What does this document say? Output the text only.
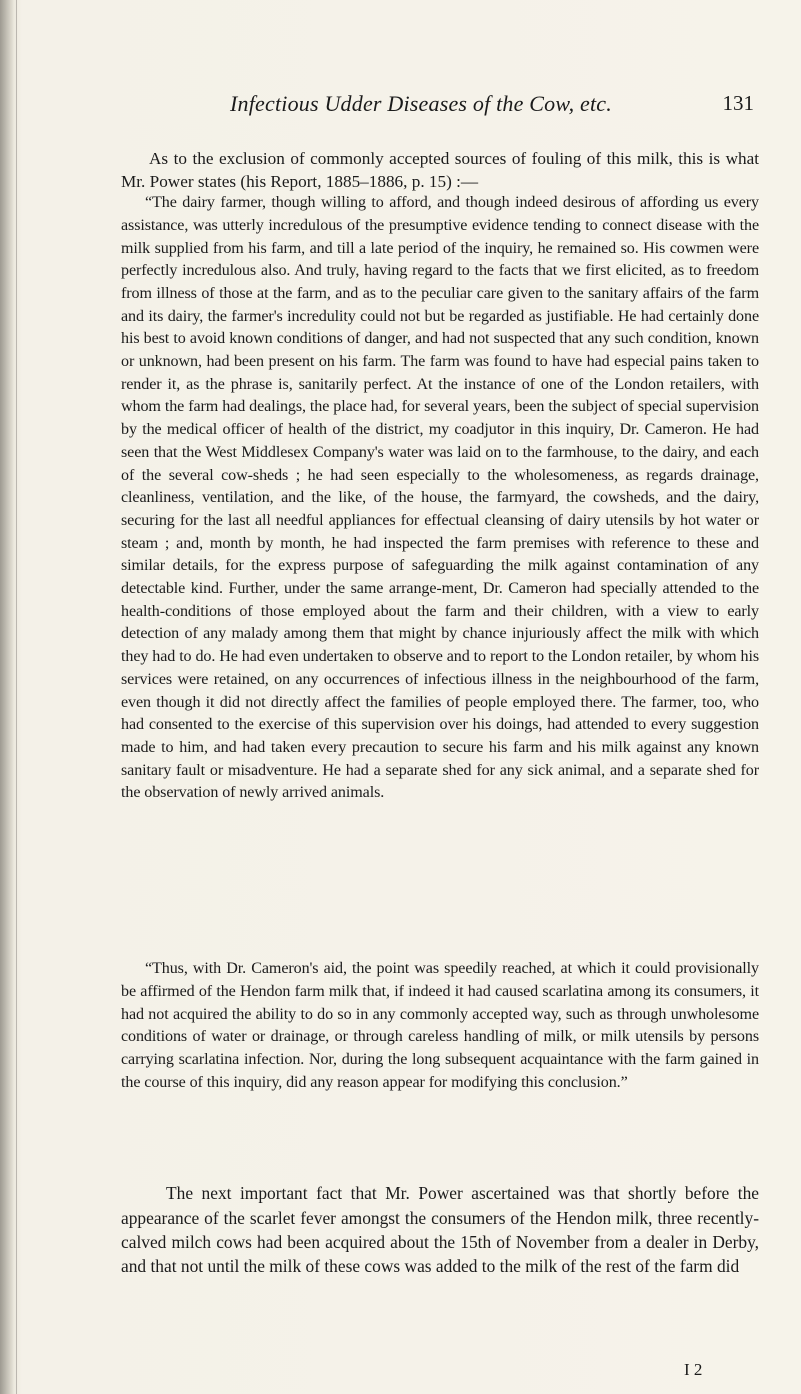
Infectious Udder Diseases of the Cow, etc.	131

As to the exclusion of commonly accepted sources of fouling of this milk, this is what Mr. Power states (his Report, 1885–1886, p. 15) :—

“The dairy farmer, though willing to afford, and though indeed desirous of affording us every assistance, was utterly incredulous of the presumptive evidence tending to connect disease with the milk supplied from his farm, and till a late period of the inquiry, he remained so. His cowmen were perfectly incredulous also. And truly, having regard to the facts that we first elicited, as to freedom from illness of those at the farm, and as to the peculiar care given to the sanitary affairs of the farm and its dairy, the farmer's incredulity could not but be regarded as justifiable. He had certainly done his best to avoid known conditions of danger, and had not suspected that any such condition, known or unknown, had been present on his farm. The farm was found to have had especial pains taken to render it, as the phrase is, sanitarily perfect. At the instance of one of the London retailers, with whom the farm had dealings, the place had, for several years, been the subject of special supervision by the medical officer of health of the district, my coadjutor in this inquiry, Dr. Cameron. He had seen that the West Middlesex Company's water was laid on to the farmhouse, to the dairy, and each of the several cow-sheds ; he had seen especially to the wholesomeness, as regards drainage, cleanliness, ventilation, and the like, of the house, the farmyard, the cowsheds, and the dairy, securing for the last all needful appliances for effectual cleansing of dairy utensils by hot water or steam ; and, month by month, he had inspected the farm premises with reference to these and similar details, for the express purpose of safeguarding the milk against contamination of any detectable kind. Further, under the same arrange-ment, Dr. Cameron had specially attended to the health-conditions of those employed about the farm and their children, with a view to early detection of any malady among them that might by chance injuriously affect the milk with which they had to do. He had even undertaken to observe and to report to the London retailer, by whom his services were retained, on any occurrences of infectious illness in the neighbourhood of the farm, even though it did not directly affect the families of people employed there. The farmer, too, who had consented to the exercise of this supervision over his doings, had attended to every suggestion made to him, and had taken every precaution to secure his farm and his milk against any known sanitary fault or misadventure. He had a separate shed for any sick animal, and a separate shed for the observation of newly arrived animals.

“Thus, with Dr. Cameron's aid, the point was speedily reached, at which it could provisionally be affirmed of the Hendon farm milk that, if indeed it had caused scarlatina among its consumers, it had not acquired the ability to do so in any commonly accepted way, such as through unwholesome conditions of water or drainage, or through careless handling of milk, or milk utensils by persons carrying scarlatina infection. Nor, during the long subsequent acquaintance with the farm gained in the course of this inquiry, did any reason appear for modifying this conclusion.”

The next important fact that Mr. Power ascertained was that shortly before the appearance of the scarlet fever amongst the consumers of the Hendon milk, three recently-calved milch cows had been acquired about the 15th of November from a dealer in Derby, and that not until the milk of these cows was added to the milk of the rest of the farm did

I 2
